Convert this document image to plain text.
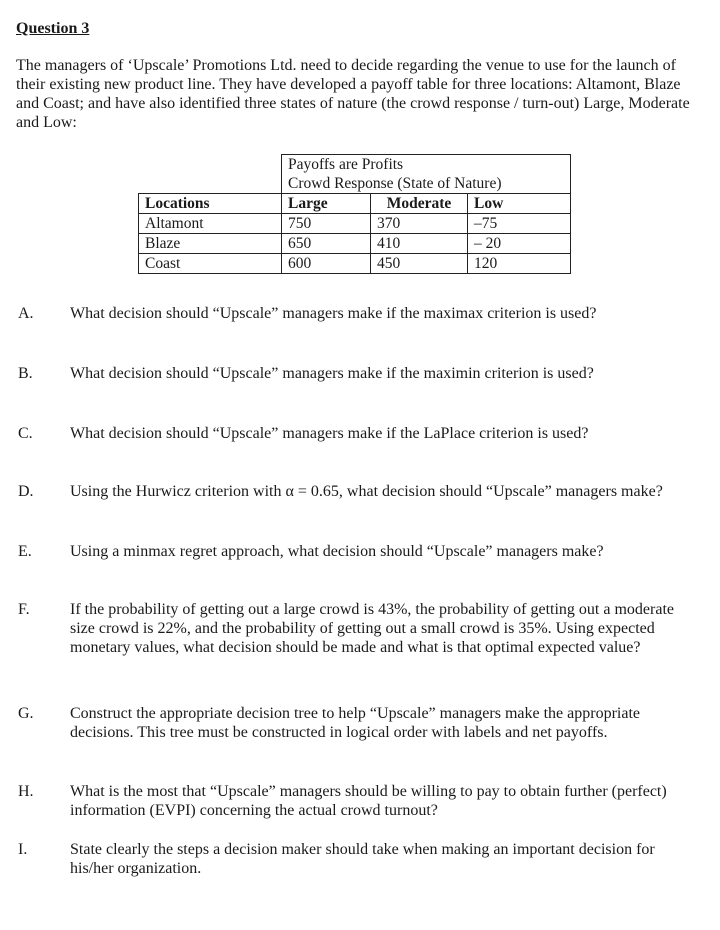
Question 3
The managers of ‘Upscale’ Promotions Ltd. need to decide regarding the venue to use for the launch of their existing new product line. They have developed a payoff table for three locations: Altamont, Blaze and Coast; and have also identified three states of nature (the crowd response / turn-out) Large, Moderate and Low:
	Payoffs are Profits		
	Crowd Response (State of Nature)		
Locations	Large	Moderate	Low
Altamont	750	370	–75
Blaze	650	410	– 20
Coast	600	450	120
A. What decision should “Upscale” managers make if the maximax criterion is used?
B. What decision should “Upscale” managers make if the maximin criterion is used?
C. What decision should “Upscale” managers make if the LaPlace criterion is used?
D. Using the Hurwicz criterion with α = 0.65, what decision should “Upscale” managers make?
E. Using a minmax regret approach, what decision should “Upscale” managers make?
F.	If the probability of getting out a large crowd is 43%, the probability of getting out a moderate size crowd is 22%, and the probability of getting out a small crowd is 35%. Using expected monetary values, what decision should be made and what is that optimal expected value?
G. Construct the appropriate decision tree to help “Upscale” managers make the appropriate decisions. This tree must be constructed in logical order with labels and net payoffs.
H. What is the most that “Upscale” managers should be willing to pay to obtain further (perfect) information (EVPI) concerning the actual crowd turnout?
I.	State clearly the steps a decision maker should take when making an important decision for his/her organization.
